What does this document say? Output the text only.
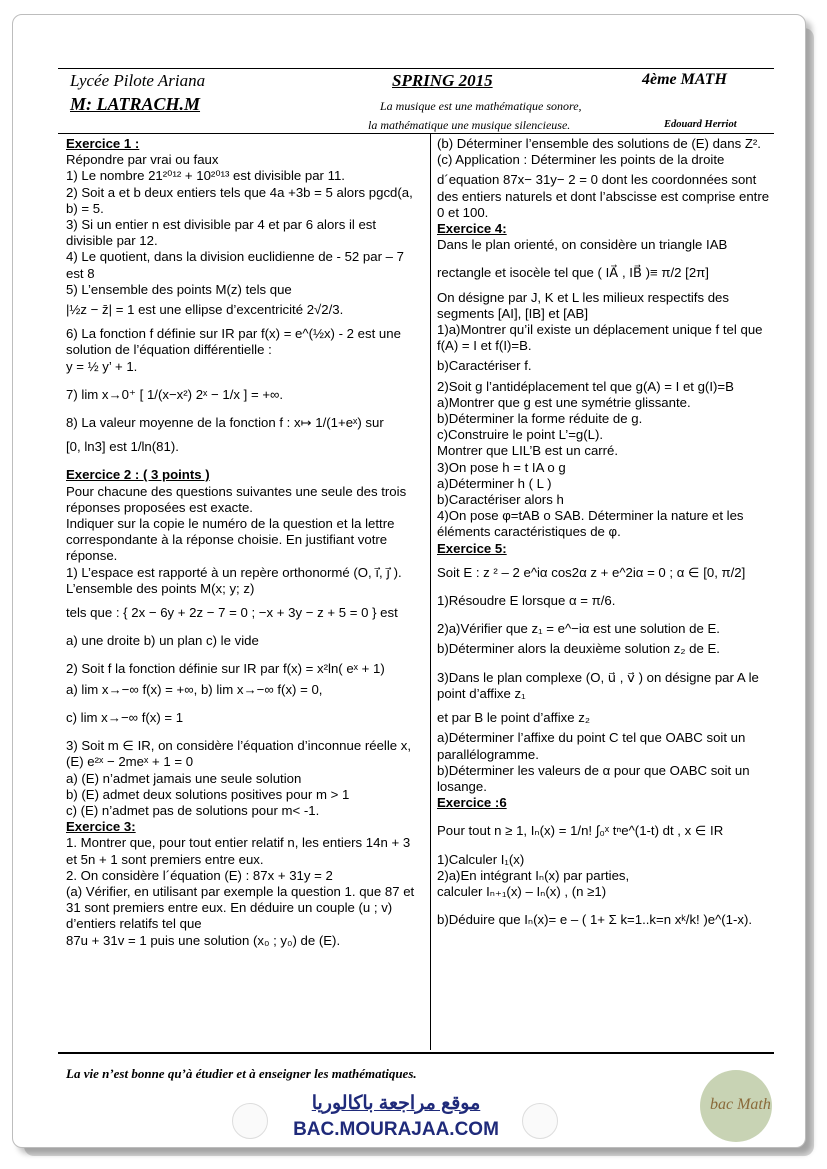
Lycée Pilote Ariana
M: LATRACH.M
SPRING 2015	4ème MATH
La musique est une mathématique sonore,
la mathématique une musique silencieuse.	Edouard Herriot

Exercice 1 :

Répondre par vrai ou faux

1) Le nombre 21²⁰¹² + 10²⁰¹³ est divisible par 11.

2) Soit a et b deux entiers tels que 4a +3b = 5 alors pgcd(a, b) = 5.

3) Si un entier n est divisible par 4 et par 6 alors il est divisible par 12.

4) Le quotient, dans la division euclidienne de - 52 par – 7 est 8

5) L’ensemble des points M(z) tels que

|½z − z̄| = 1 est une ellipse d’excentricité 2√2/3.

6) La fonction f définie sur IR par f(x) = e^(½x) - 2 est une solution de l’équation différentielle :

y = ½ y’ + 1.

7) lim x→0⁺ [ 1/(x−x²) 2ˣ − 1/x ] = +∞.

8) La valeur moyenne de la fonction f : x↦ 1/(1+eˣ) sur

[0, ln3] est 1/ln(81).

Exercice 2 : ( 3 points )

Pour chacune des questions suivantes une seule des trois réponses proposées est exacte.

Indiquer sur la copie le numéro de la question et la lettre correspondante à la réponse choisie. En justifiant votre réponse.

1) L’espace est rapporté à un repère orthonormé (O, ı⃗, ȷ⃗ ). L’ensemble des points M(x; y; z)

tels que : { 2x − 6y + 2z − 7 = 0 ; −x + 3y − z + 5 = 0 } est

a) une droite b) un plan c) le vide

2) Soit f la fonction définie sur IR par f(x) = x²ln( eˣ + 1)

a) lim x→−∞ f(x) = +∞, b) lim x→−∞ f(x) = 0,

c) lim x→−∞ f(x) = 1

3) Soit m ∈ IR, on considère l’équation d’inconnue réelle x, (E) e²ˣ − 2meˣ + 1 = 0

a) (E) n’admet jamais une seule solution

b) (E) admet deux solutions positives pour m > 1

c) (E) n’admet pas de solutions pour m< -1.

Exercice 3:

1. Montrer que, pour tout entier relatif n, les entiers 14n + 3 et 5n + 1 sont premiers entre eux.

2. On considère l´équation (E) : 87x + 31y = 2

(a) Vérifier, en utilisant par exemple la question 1. que 87 et 31 sont premiers entre eux. En déduire un couple (u ; v) d’entiers relatifs tel que

87u + 31v = 1 puis une solution (x₀ ; y₀) de (E).

(b) Déterminer l’ensemble des solutions de (E) dans Z².

(c) Application : Déterminer les points de la droite

d´equation 87x− 31y− 2 = 0 dont les coordonnées sont des entiers naturels et dont l’abscisse est comprise entre 0 et 100.

Exercice 4:

Dans le plan orienté, on considère un triangle IAB

rectangle et isocèle tel que ( IA⃗ , IB⃗ )≡ π/2 [2π]

On désigne par J, K et L les milieux respectifs des segments [AI], [IB] et [AB]

1)a)Montrer qu’il existe un déplacement unique f tel que f(A) = I et f(I)=B.

b)Caractériser f.

2)Soit g l’antidéplacement tel que g(A) = I et g(I)=B

a)Montrer que g est une symétrie glissante.

b)Déterminer la forme réduite de g.

c)Construire le point L’=g(L).

Montrer que LIL’B est un carré.

3)On pose h = t IA o g

a)Déterminer h ( L )

b)Caractériser alors h

4)On pose φ=tAB o SAB. Déterminer la nature et les éléments caractéristiques de φ.

Exercice 5:

Soit E : z ² – 2 e^iα cos2α z + e^2iα = 0 ; α ∈ [0, π/2]

1)Résoudre E lorsque α = π/6.

2)a)Vérifier que z₁ = e^−iα est une solution de E.

b)Déterminer alors la deuxième solution z₂ de E.

3)Dans le plan complexe (O, u⃗ , v⃗ ) on désigne par A le point d’affixe z₁

et par B le point d’affixe z₂

a)Déterminer l’affixe du point C tel que OABC soit un parallélogramme.

b)Déterminer les valeurs de α pour que OABC soit un losange.

Exercice :6

Pour tout n ≥ 1, Iₙ(x) = 1/n! ∫₀ˣ tⁿe^(1-t) dt , x ∈ IR

1)Calculer I₁(x)

2)a)En intégrant Iₙ(x) par parties,

calculer Iₙ₊₁(x) – Iₙ(x) , (n ≥1)

b)Déduire que Iₙ(x)= e – ( 1+ Σ k=1..k=n xᵏ/k! )e^(1-x).

La vie n’est bonne qu’à étudier et à enseigner les mathématiques.
موقع مراجعة باكالوريا
BAC.MOURAJAA.COM
bac Math
